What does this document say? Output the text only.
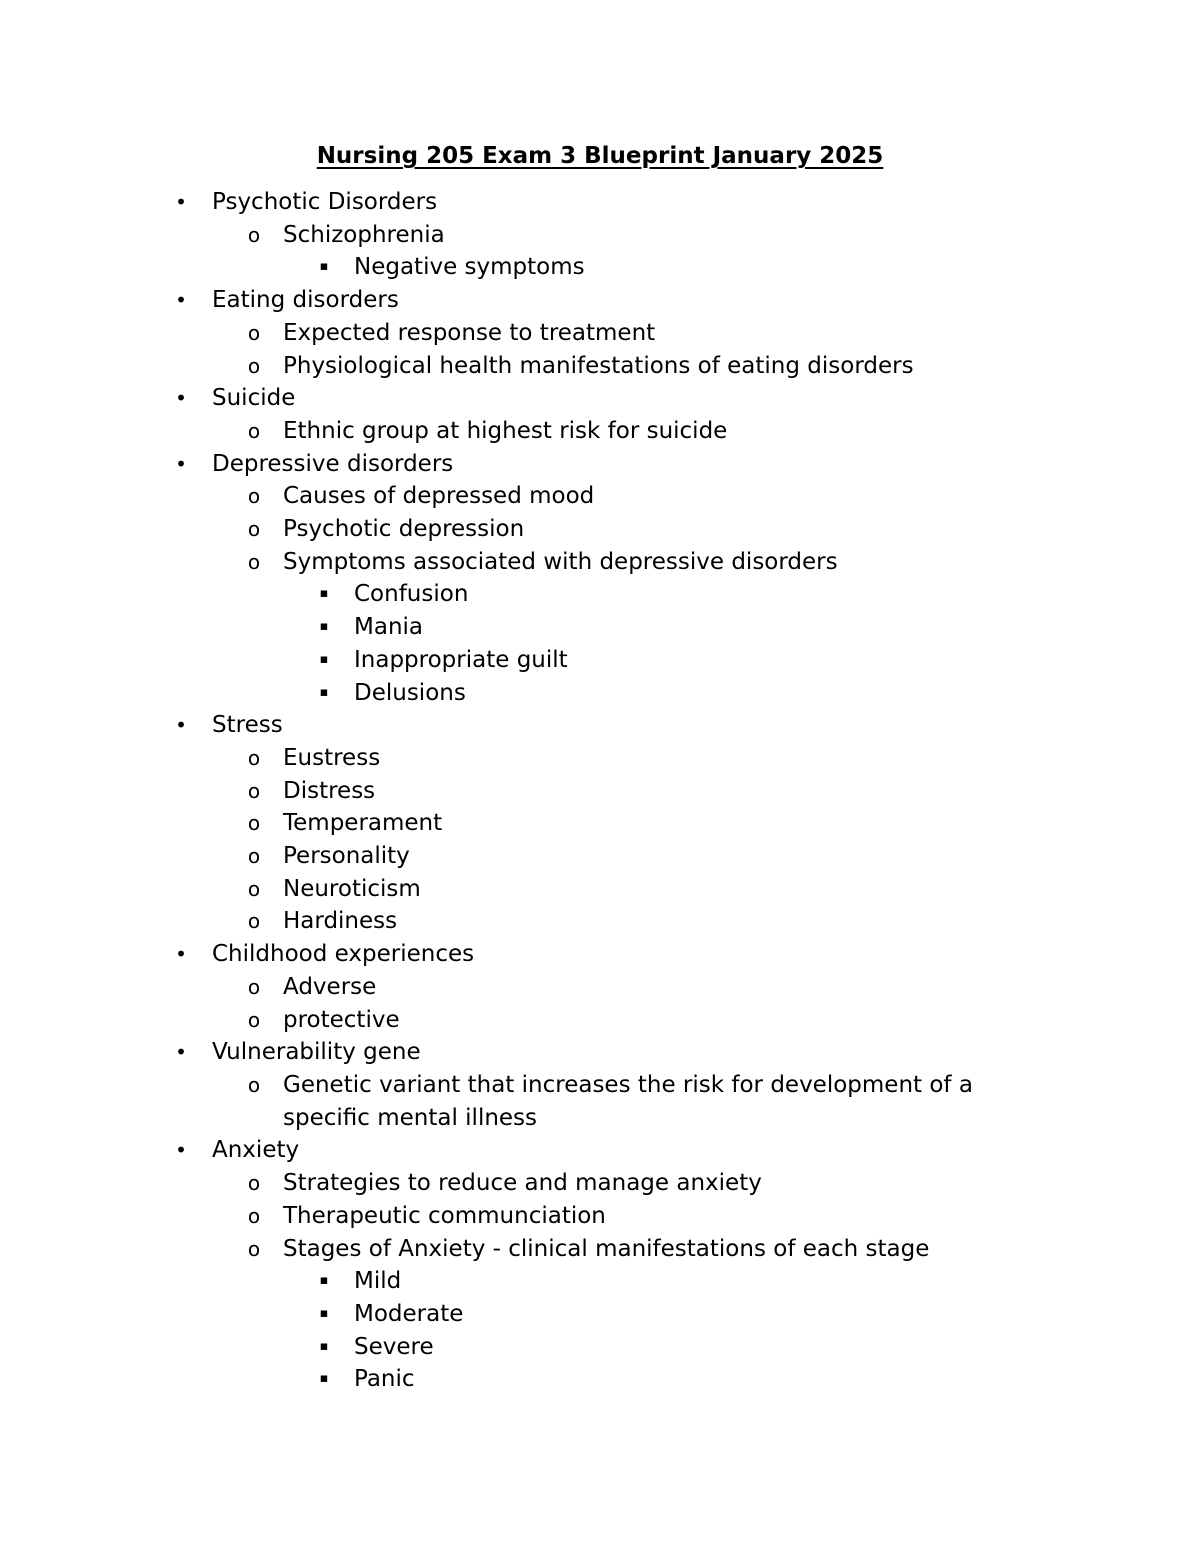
Nursing 205 Exam 3 Blueprint January 2025
• Psychotic Disorders
o Schizophrenia
▪	Negative symptoms
• Eating disorders
o Expected response to treatment
o Physiological health manifestations of eating disorders
• Suicide
o Ethnic group at highest risk for suicide
• Depressive disorders
o Causes of depressed mood
o Psychotic depression
o Symptoms associated with depressive disorders
▪	Confusion
▪	Mania
▪	Inappropriate guilt
▪	Delusions
• Stress
o Eustress
o Distress
o Temperament
o Personality
o Neuroticism
o Hardiness
• Childhood experiences
o Adverse
o protective
• Vulnerability gene
o Genetic variant that increases the risk for development of a specific mental illness
• Anxiety
o Strategies to reduce and manage anxiety
o Therapeutic communciation
o Stages of Anxiety - clinical manifestations of each stage
▪	Mild
▪	Moderate
▪	Severe
▪	Panic
